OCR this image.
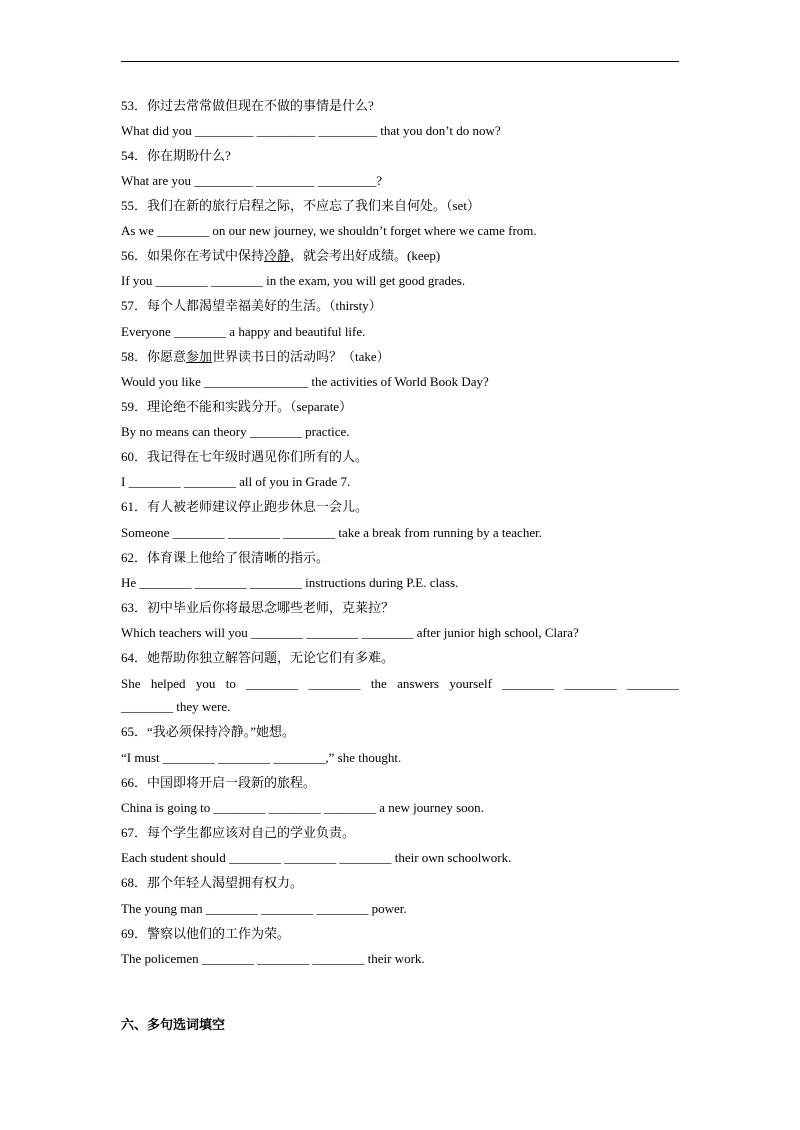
53．你过去常常做但现在不做的事情是什么?
What did you _________ _________ _________ that you don’t do now?
54．你在期盼什么?
What are you _________ _________ _________?
55．我们在新的旅行启程之际，不应忘了我们来自何处。（set）
As we ________ on our new journey, we shouldn’t forget where we came from.
56．如果你在考试中保持冷静，就会考出好成绩。(keep)
If you ________ ________ in the exam, you will get good grades.
57．每个人都渴望幸福美好的生活。（thirsty）
Everyone ________ a happy and beautiful life.
58．你愿意参加世界读书日的活动吗？（take）
Would you like ________________ the activities of World Book Day?
59．理论绝不能和实践分开。（separate）
By no means can theory ________ practice.
60．我记得在七年级时遇见你们所有的人。
I ________ ________ all of you in Grade 7.
61．有人被老师建议停止跑步休息一会儿。
Someone ________ ________ ________ take a break from running by a teacher.
62．体育课上他给了很清晰的指示。
He ________ ________ ________ instructions during P.E. class.
63．初中毕业后你将最思念哪些老师，克莱拉？
Which teachers will you ________ ________ ________ after junior high school, Clara?
64．她帮助你独立解答问题，无论它们有多难。
She helped you to ________ ________ the answers yourself ________ ________ ________
________ they were.
65．“我必须保持冷静。”她想。
“I must ________ ________ ________,” she thought.
66．中国即将开启一段新的旅程。
China is going to ________ ________ ________ a new journey soon.
67．每个学生都应该对自己的学业负责。
Each student should ________ ________ ________ their own schoolwork.
68．那个年轻人渴望拥有权力。
The young man ________ ________ ________ power.
69．警察以他们的工作为荣。
The policemen ________ ________ ________ their work.
六、多句选词填空
